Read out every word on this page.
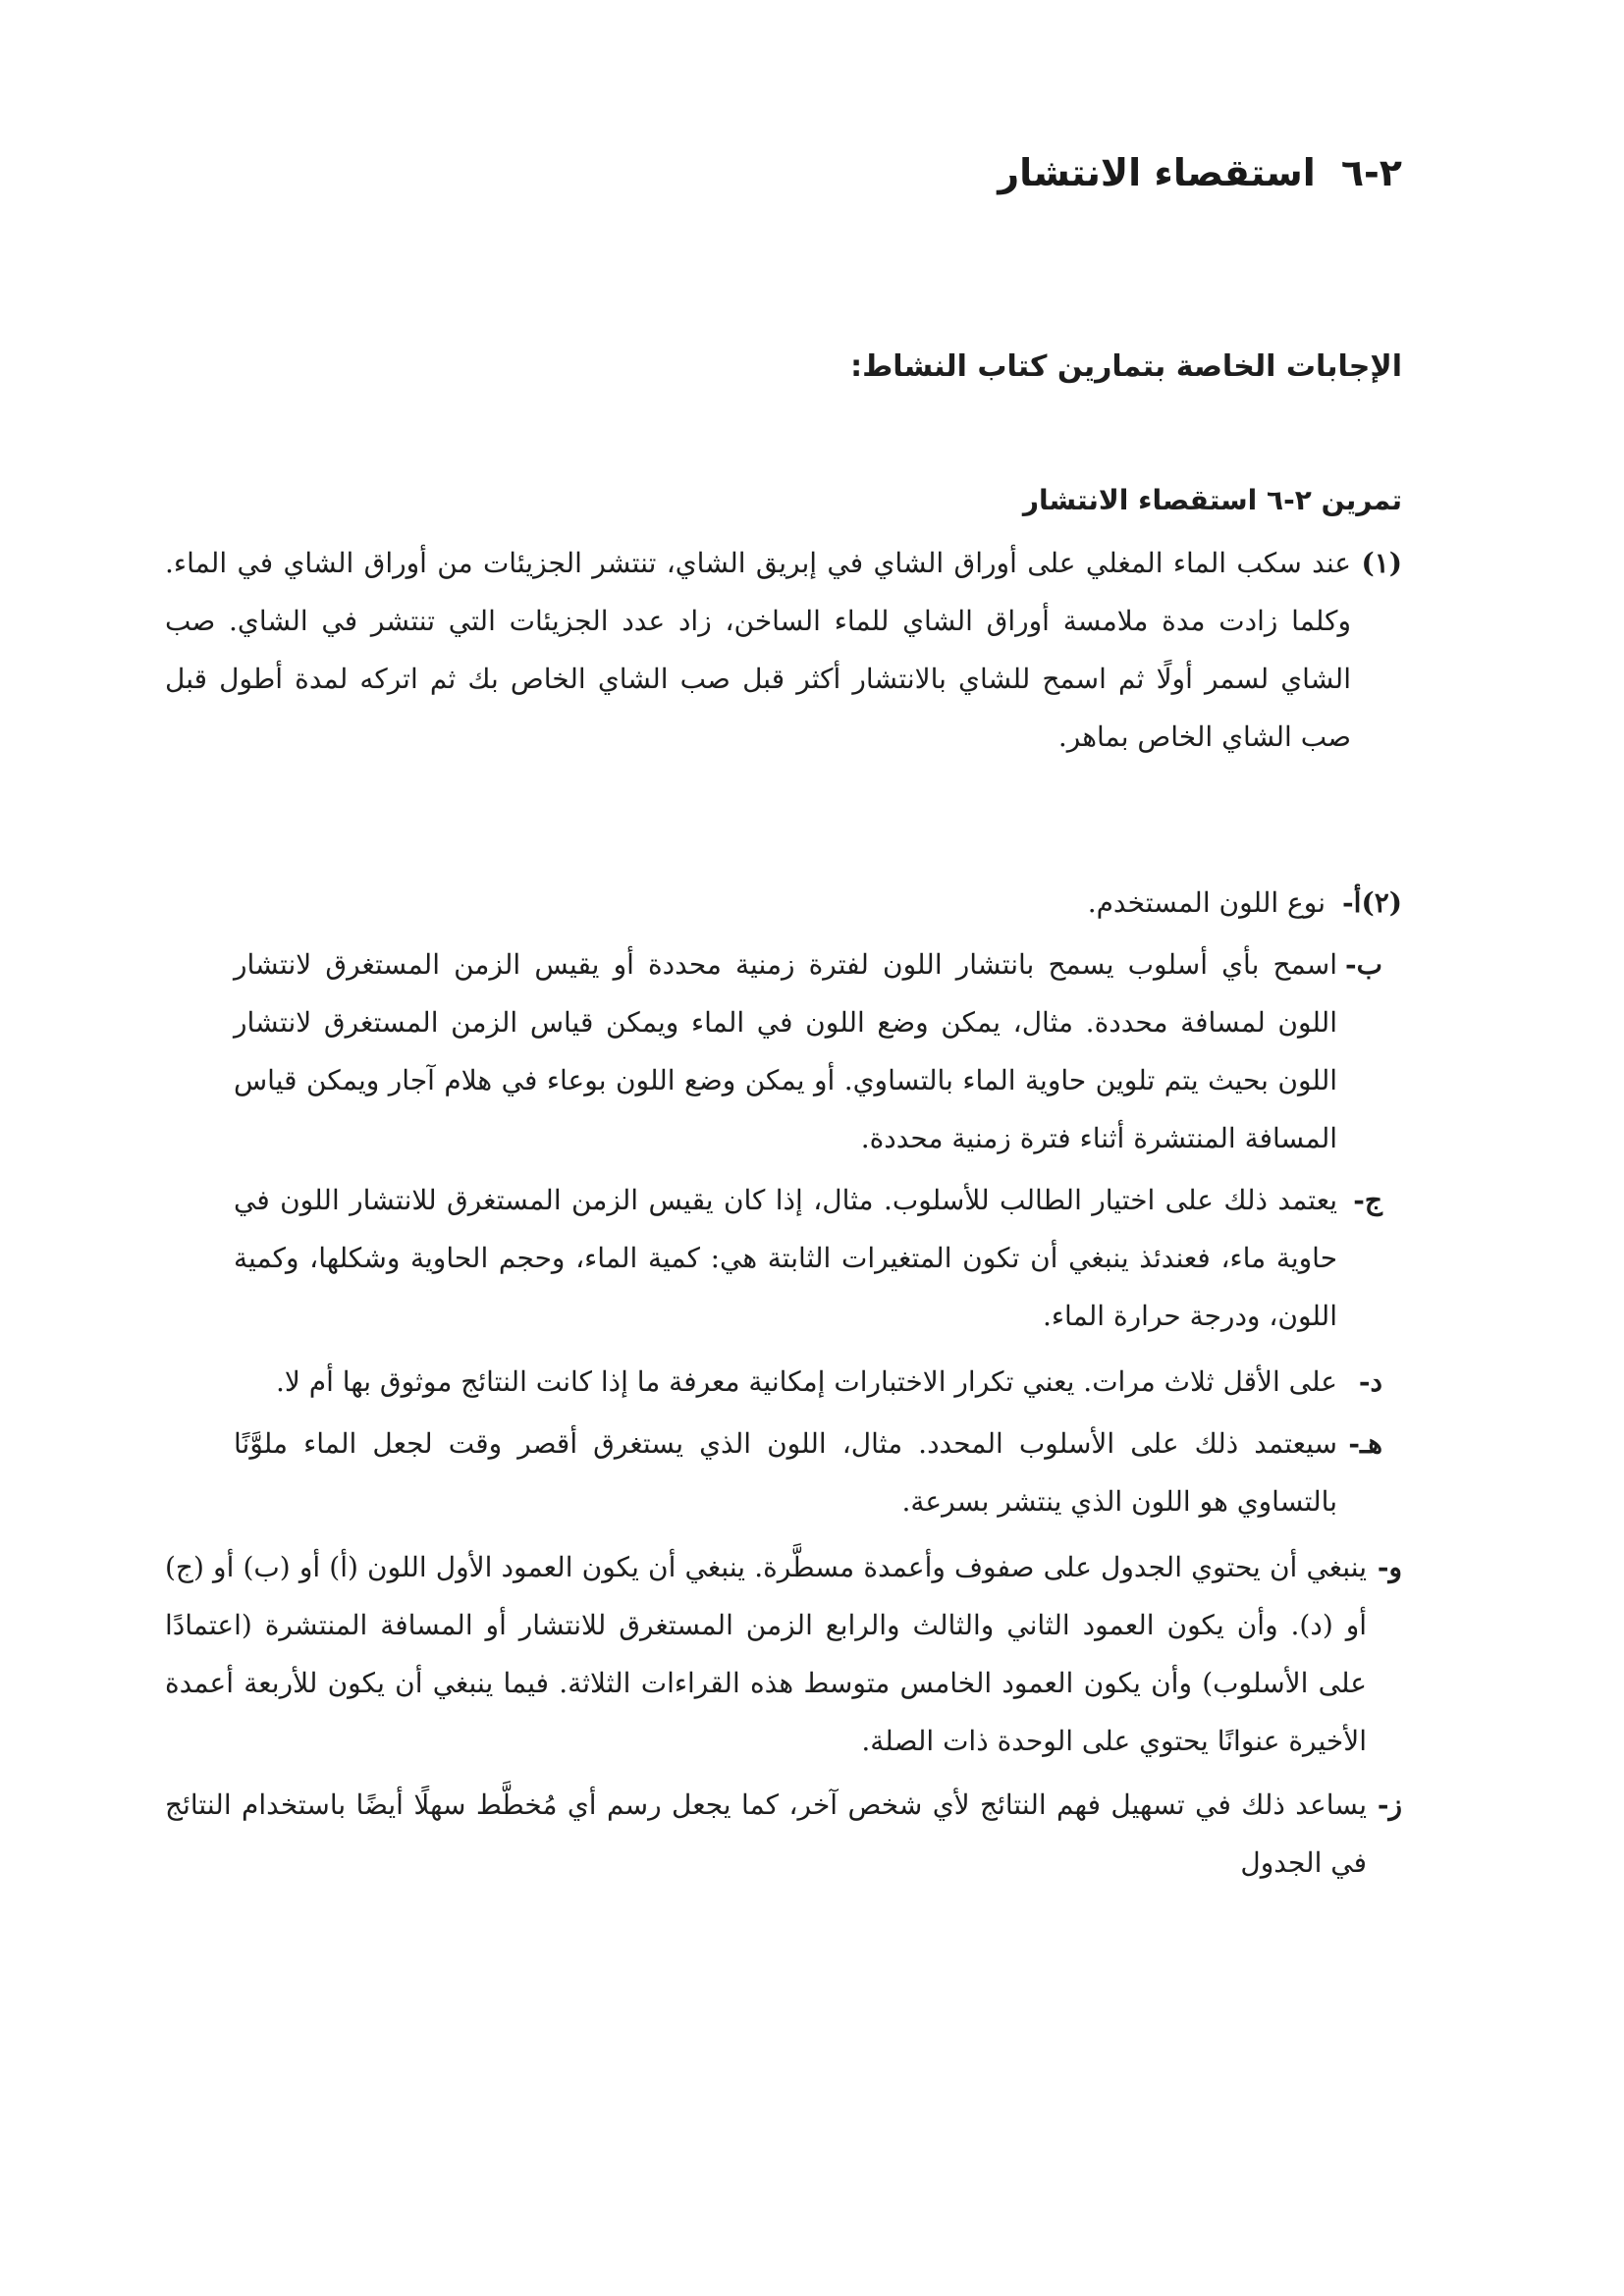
٢-٦استقصاء الانتشار
الإجابات الخاصة بتمارين كتاب النشاط:
تمرين ٢-٦ استقصاء الانتشار
(١)
عند سكب الماء المغلي على أوراق الشاي في إبريق الشاي، تنتشر الجزيئات من أوراق الشاي في الماء. وكلما زادت مدة ملامسة أوراق الشاي للماء الساخن، زاد عدد الجزيئات التي تنتشر في الشاي. صب الشاي لسمر أولًا ثم اسمح للشاي بالانتشار أكثر قبل صب الشاي الخاص بك ثم اتركه لمدة أطول قبل صب الشاي الخاص بماهر.
(٢)أ-
نوع اللون المستخدم.
ب-
اسمح بأي أسلوب يسمح بانتشار اللون لفترة زمنية محددة أو يقيس الزمن المستغرق لانتشار اللون لمسافة محددة. مثال، يمكن وضع اللون في الماء ويمكن قياس الزمن المستغرق لانتشار اللون بحيث يتم تلوين حاوية الماء بالتساوي. أو يمكن وضع اللون بوعاء في هلام آجار ويمكن قياس المسافة المنتشرة أثناء فترة زمنية محددة.
ج-
يعتمد ذلك على اختيار الطالب للأسلوب. مثال، إذا كان يقيس الزمن المستغرق للانتشار اللون في حاوية ماء، فعندئذ ينبغي أن تكون المتغيرات الثابتة هي: كمية الماء، وحجم الحاوية وشكلها، وكمية اللون، ودرجة حرارة الماء.
د-
على الأقل ثلاث مرات. يعني تكرار الاختبارات إمكانية معرفة ما إذا كانت النتائج موثوق بها أم لا.
هـ-
سيعتمد ذلك على الأسلوب المحدد. مثال، اللون الذي يستغرق أقصر وقت لجعل الماء ملوَّنًا بالتساوي هو اللون الذي ينتشر بسرعة.
و-
ينبغي أن يحتوي الجدول على صفوف وأعمدة مسطَّرة. ينبغي أن يكون العمود الأول اللون (أ) أو (ب) أو (ج) أو (د). وأن يكون العمود الثاني والثالث والرابع الزمن المستغرق للانتشار أو المسافة المنتشرة (اعتمادًا على الأسلوب) وأن يكون العمود الخامس متوسط هذه القراءات الثلاثة. فيما ينبغي أن يكون للأربعة أعمدة الأخيرة عنوانًا يحتوي على الوحدة ذات الصلة.
ز-
يساعد ذلك في تسهيل فهم النتائج لأي شخص آخر، كما يجعل رسم أي مُخطَّط سهلًا أيضًا باستخدام النتائج في الجدول
